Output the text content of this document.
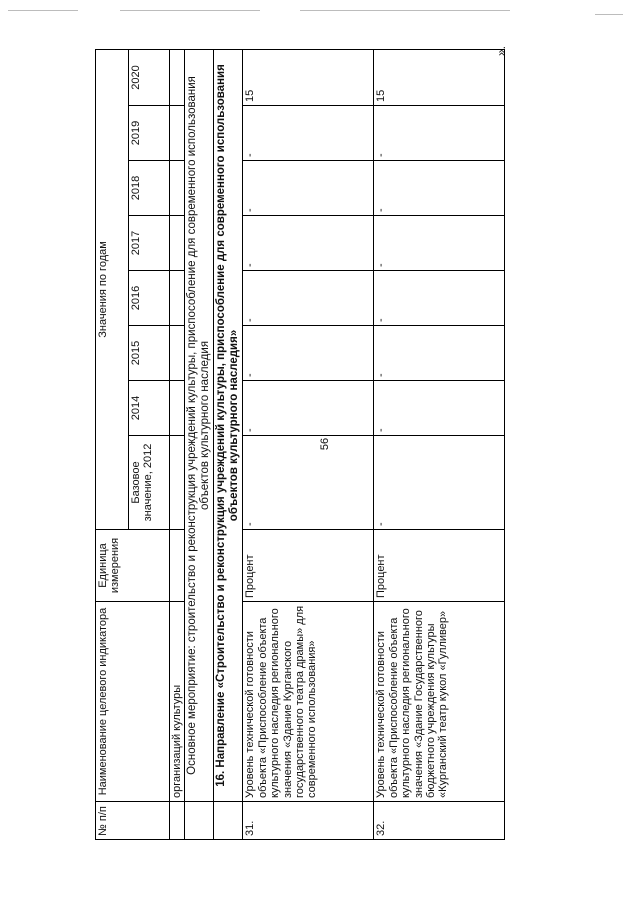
56
».
№ п/п	Наименование целевого индикатора	Единица измерения	Значения по годам							
			Базовое значение, 2012	2014	2015	2016	2017	2018	2019	2020
	организаций культуры									
	Основное мероприятие: строительство и реконструкция учреждений культуры, приспособление для современного использования объектов культурного наследия									
	16. Направление «Строительство и реконструкция учреждений культуры, приспособление для современного использования объектов культурного наследия»									
31.	Уровень технической готовности объекта «Приспособление объекта культурного наследия регионального значения «Здание Курганского государственного театра драмы» для современного использования»	Процент	-	-	-	-	-	-	-	15
32.	Уровень технической готовности объекта «Приспособление объекта культурного наследия регионального значения «Здание Государственного бюджетного учреждения культуры «Курганский театр кукол «Гулливер»	Процент	-	-	-	-	-	-	-	15
